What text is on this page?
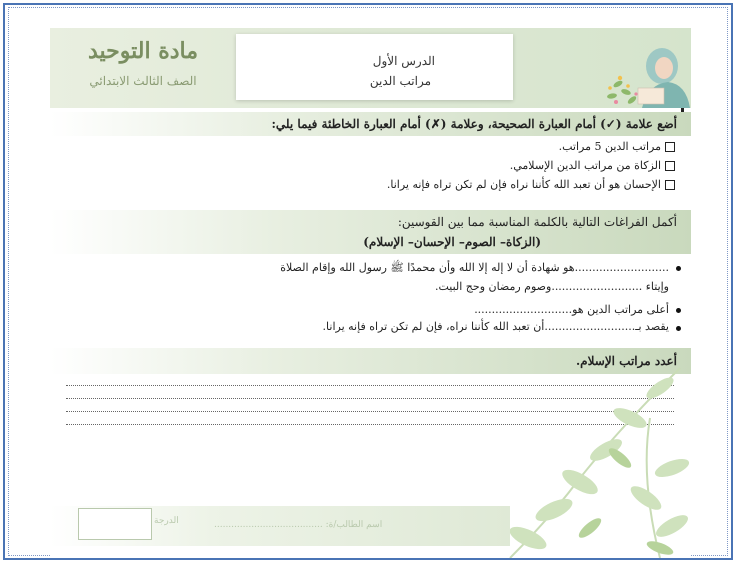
مادة التوحيد
الصف الثالث الابتدائي
الدرس الأول
مراتب الدين
أضع علامة (✓) أمام العبارة الصحيحة، وعلامة (✗) أمام العبارة الخاطئة فيما يلي:
مراتب الدين 5 مراتب.
الزكاة من مراتب الدين الإسلامي.
الإحسان هو أن تعبد الله كأننا نراه فإن لم تكن تراه فإنه يرانا.
أكمل الفراغات التالية بالكلمة المناسبة مما بين القوسين:
(الزكاة– الصوم– الإحسان– الإسلام)
...........................هو شهادة أن لا إله إلا الله وأن محمدًا ﷺ رسول الله وإقام الصلاة
وإيتاء ..........................وصوم رمضان وحج البيت.
أعلى مراتب الدين هو............................
يقصد بـ..........................أن تعبد الله كأننا نراه، فإن لم تكن تراه فإنه يرانا.
أعدد مراتب الإسلام.
الدرجة	اسم الطالب/ة: ......................................
